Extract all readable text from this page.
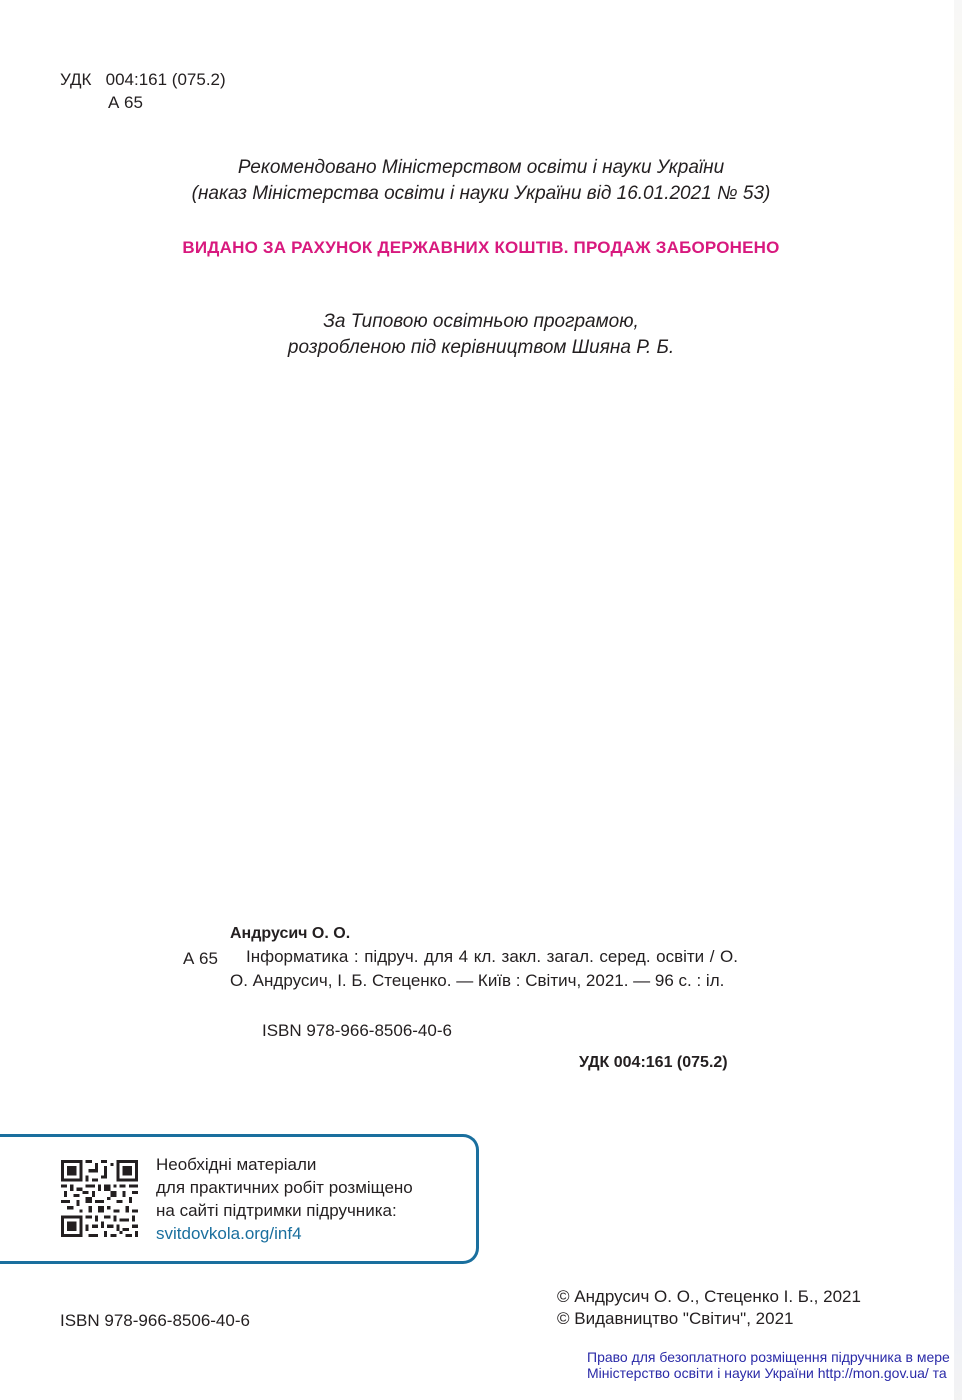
УДК   004:161 (075.2)
А 65
Рекомендовано Міністерством освіти і науки України
(наказ Міністерства освіти і науки України від 16.01.2021 № 53)
ВИДАНО ЗА РАХУНОК ДЕРЖАВНИХ КОШТІВ. ПРОДАЖ ЗАБОРОНЕНО
За Типовою освітньою програмою,
розробленою під керівництвом Шияна Р. Б.
Андрусич О. О.
А 65	Інформатика : підруч. для 4 кл. закл. загал. серед. освіти / О. О. Андрусич, І. Б. Стеценко. — Київ : Світич, 2021. — 96 с. : іл.
ISBN 978-966-8506-40-6
УДК 004:161 (075.2)
Необхідні матеріали
для практичних робіт розміщено
на сайті підтримки підручника:
svitdovkola.org/inf4
ISBN 978-966-8506-40-6
© Андрусич О. О., Стеценко І. Б., 2021
© Видавництво "Світич", 2021
Право для безоплатного розміщення підручника в мере
Міністерство освіти і науки України http://mon.gov.ua/ та
